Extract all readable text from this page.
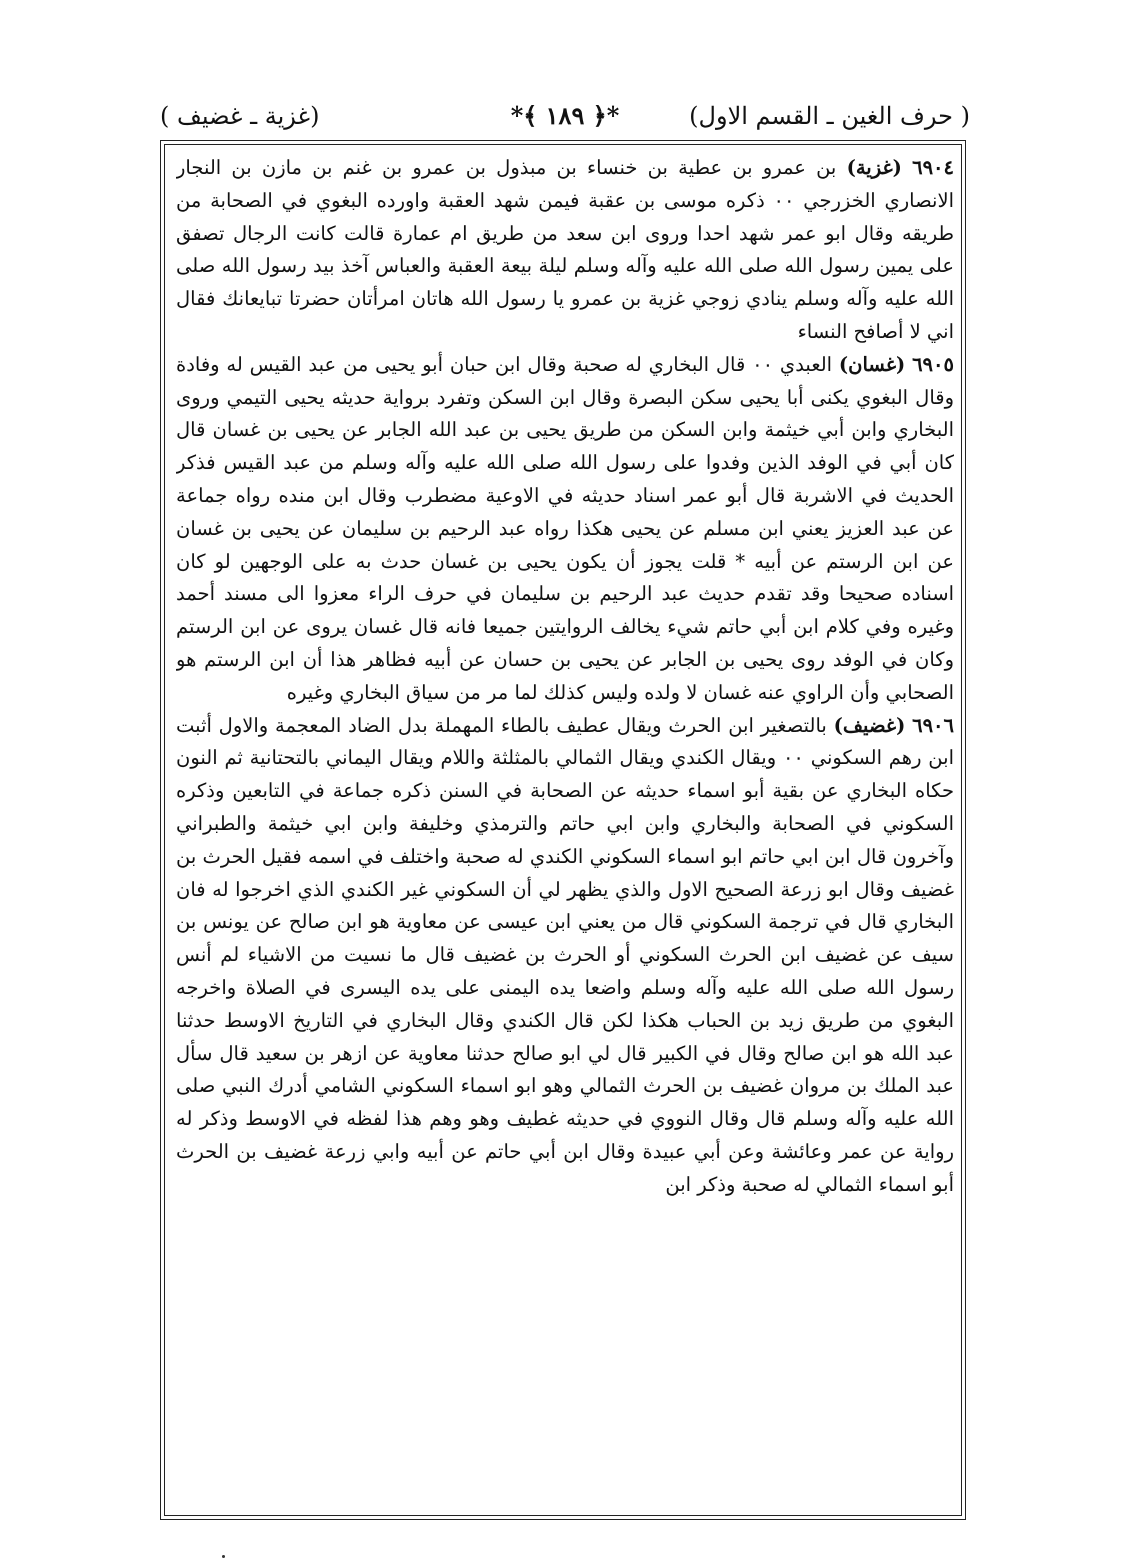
( حرف الغين ـ القسم الاول)
*﴿ ١٨٩ ﴾*
(غزية ـ غضيف )

٦٩٠٤ ( غزية ) بن عمرو بن عطية بن خنساء بن مبذول بن عمرو بن غنم بن مازن بن النجار الانصاري الخزرجي ٠٠ ذكره موسى بن عقبة فيمن شهد العقبة واورده البغوي في الصحابة من طريقه وقال ابو عمر شهد احدا وروى ابن سعد من طريق ام عمارة قالت كانت الرجال تصفق على يمين رسول الله صلى الله عليه وآله وسلم ليلة بيعة العقبة والعباس آخذ بيد رسول الله صلى الله عليه وآله وسلم ينادي زوجي غزية بن عمرو يا رسول الله هاتان امرأتان حضرتا تبايعانك فقال اني لا أصافح النساء

٦٩٠٥ ( غسان ) العبدي ٠٠ قال البخاري له صحبة وقال ابن حبان أبو يحيى من عبد القيس له وفادة وقال البغوي يكنى أبا يحيى سكن البصرة وقال ابن السكن وتفرد برواية حديثه يحيى التيمي وروى البخاري وابن أبي خيثمة وابن السكن من طريق يحيى بن عبد الله الجابر عن يحيى بن غسان قال كان أبي في الوفد الذين وفدوا على رسول الله صلى الله عليه وآله وسلم من عبد القيس فذكر الحديث في الاشربة قال أبو عمر اسناد حديثه في الاوعية مضطرب وقال ابن منده رواه جماعة عن عبد العزيز يعني ابن مسلم عن يحيى هكذا رواه عبد الرحيم بن سليمان عن يحيى بن غسان عن ابن الرستم عن أبيه * قلت يجوز أن يكون يحيى بن غسان حدث به على الوجهين لو كان اسناده صحيحا وقد تقدم حديث عبد الرحيم بن سليمان في حرف الراء معزوا الى مسند أحمد وغيره وفي كلام ابن أبي حاتم شيء يخالف الروايتين جميعا فانه قال غسان يروى عن ابن الرستم وكان في الوفد روى يحيى بن الجابر عن يحيى بن حسان عن أبيه فظاهر هذا أن ابن الرستم هو الصحابي وأن الراوي عنه غسان لا ولده وليس كذلك لما مر من سياق البخاري وغيره

٦٩٠٦ ( غضيف ) بالتصغير ابن الحرث ويقال عطيف بالطاء المهملة بدل الضاد المعجمة والاول أثبت ابن رهم السكوني ٠٠ ويقال الكندي ويقال الثمالي بالمثلثة واللام ويقال اليماني بالتحتانية ثم النون حكاه البخاري عن بقية أبو اسماء حديثه عن الصحابة في السنن ذكره جماعة في التابعين وذكره السكوني في الصحابة والبخاري وابن ابي حاتم والترمذي وخليفة وابن ابي خيثمة والطبراني وآخرون قال ابن ابي حاتم ابو اسماء السكوني الكندي له صحبة واختلف في اسمه فقيل الحرث بن غضيف وقال ابو زرعة الصحيح الاول والذي يظهر لي أن السكوني غير الكندي الذي اخرجوا له فان البخاري قال في ترجمة السكوني قال من يعني ابن عيسى عن معاوية هو ابن صالح عن يونس بن سيف عن غضيف ابن الحرث السكوني أو الحرث بن غضيف قال ما نسيت من الاشياء لم أنس رسول الله صلى الله عليه وآله وسلم واضعا يده اليمنى على يده اليسرى في الصلاة واخرجه البغوي من طريق زيد بن الحباب هكذا لكن قال الكندي وقال البخاري في التاريخ الاوسط حدثنا عبد الله هو ابن صالح وقال في الكبير قال لي ابو صالح حدثنا معاوية عن ازهر بن سعيد قال سأل عبد الملك بن مروان غضيف بن الحرث الثمالي وهو ابو اسماء السكوني الشامي أدرك النبي صلى الله عليه وآله وسلم قال وقال النووي في حديثه غطيف وهو وهم هذا لفظه في الاوسط وذكر له رواية عن عمر وعائشة وعن أبي عبيدة وقال ابن أبي حاتم عن أبيه وابي زرعة غضيف بن الحرث أبو اسماء الثمالي له صحبة وذكر ابن
